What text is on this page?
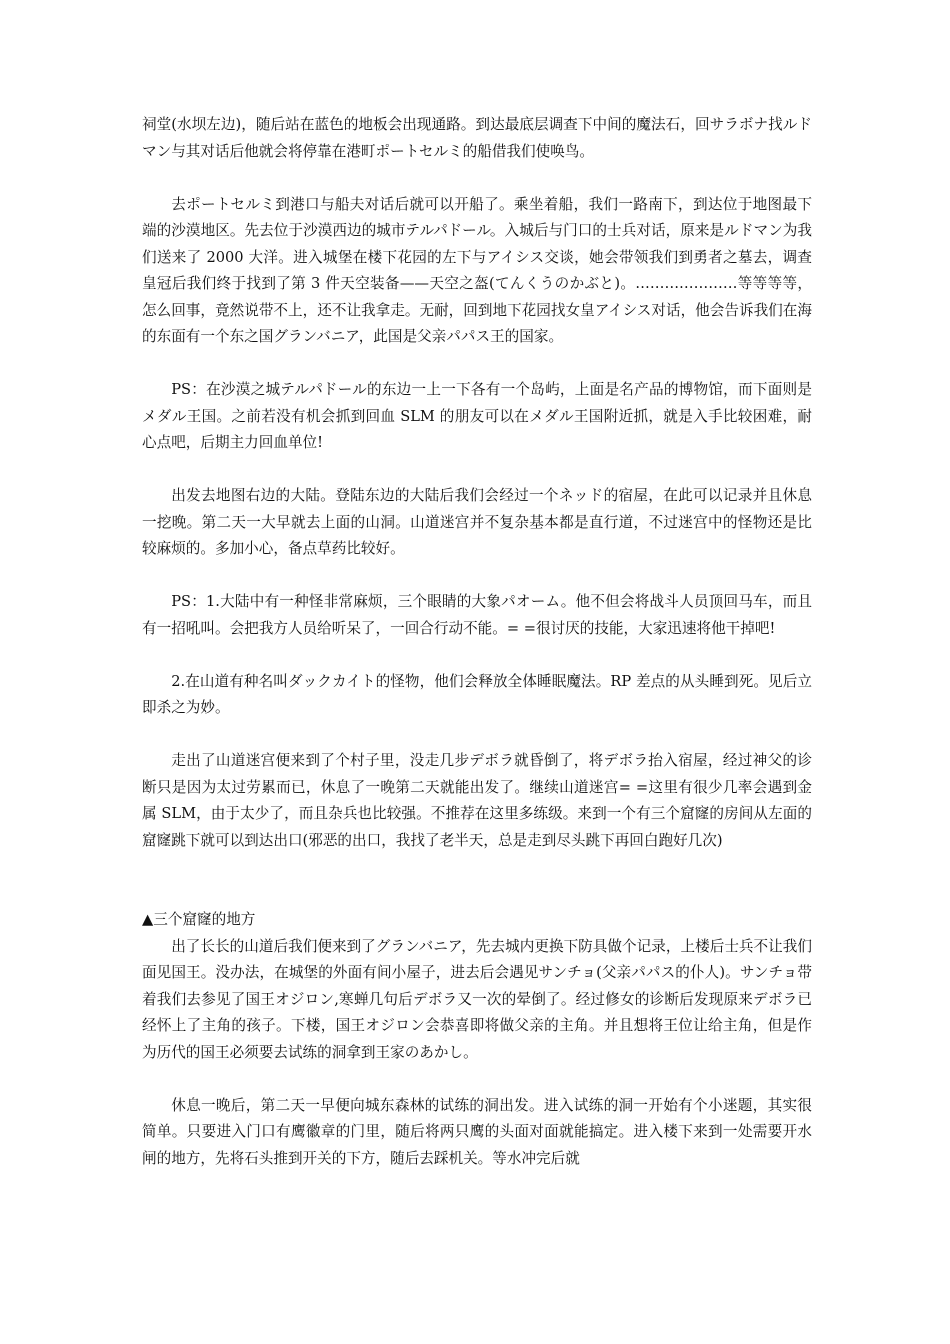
祠堂(水坝左边)，随后站在蓝色的地板会出现通路。到达最底层调查下中间的魔法石，回サラボナ找ルドマン与其对话后他就会将停靠在港町ポートセルミ的船借我们使唤鸟。

去ポートセルミ到港口与船夫对话后就可以开船了。乘坐着船，我们一路南下，到达位于地图最下端的沙漠地区。先去位于沙漠西边的城市テルパドール。入城后与门口的士兵对话，原来是ルドマン为我们送来了 2000 大洋。进入城堡在楼下花园的左下与アイシス交谈，她会带领我们到勇者之墓去，调查皇冠后我们终于找到了第 3 件天空装备——天空之盔(てんくうのかぶと)。…………………等等等等，怎么回事，竟然说带不上，还不让我拿走。无耐，回到地下花园找女皇アイシス对话，他会告诉我们在海的东面有一个东之国グランバニア，此国是父亲パパス王的国家。

PS：在沙漠之城テルパドール的东边一上一下各有一个岛屿，上面是名产品的博物馆，而下面则是メダル王国。之前若没有机会抓到回血 SLM 的朋友可以在メダル王国附近抓，就是入手比较困难，耐心点吧，后期主力回血单位!

出发去地图右边的大陆。登陆东边的大陆后我们会经过一个ネッド的宿屋，在此可以记录并且休息一挖晚。第二天一大早就去上面的山洞。山道迷宫并不复杂基本都是直行道，不过迷宫中的怪物还是比较麻烦的。多加小心，备点草药比较好。

PS：1.大陆中有一种怪非常麻烦，三个眼睛的大象パオーム。他不但会将战斗人员顶回马车，而且有一招吼叫。会把我方人员给听呆了，一回合行动不能。= =很讨厌的技能，大家迅速将他干掉吧!

2.在山道有种名叫ダックカイト的怪物，他们会释放全体睡眠魔法。RP 差点的从头睡到死。见后立即杀之为妙。

走出了山道迷宫便来到了个村子里，没走几步デボラ就昏倒了，将デボラ抬入宿屋，经过神父的诊断只是因为太过劳累而已，休息了一晚第二天就能出发了。继续山道迷宫= =这里有很少几率会遇到金属 SLM，由于太少了，而且杂兵也比较强。不推荐在这里多练级。来到一个有三个窟窿的房间从左面的窟窿跳下就可以到达出口(邪恶的出口，我找了老半天，总是走到尽头跳下再回白跑好几次)

▲三个窟窿的地方

出了长长的山道后我们便来到了グランバニア，先去城内更换下防具做个记录，上楼后士兵不让我们面见国王。没办法，在城堡的外面有间小屋子，进去后会遇见サンチョ(父亲パパス的仆人)。サンチョ带着我们去参见了国王オジロン,寒蝉几句后デボラ又一次的晕倒了。经过修女的诊断后发现原来デボラ已经怀上了主角的孩子。下楼，国王オジロン会恭喜即将做父亲的主角。并且想将王位让给主角，但是作为历代的国王必须要去试练的洞拿到王家のあかし。

休息一晚后，第二天一早便向城东森林的试练的洞出发。进入试练的洞一开始有个小迷题，其实很简单。只要进入门口有鹰徽章的门里，随后将两只鹰的头面对面就能搞定。进入楼下来到一处需要开水闸的地方，先将石头推到开关的下方，随后去踩机关。等水冲完后就
